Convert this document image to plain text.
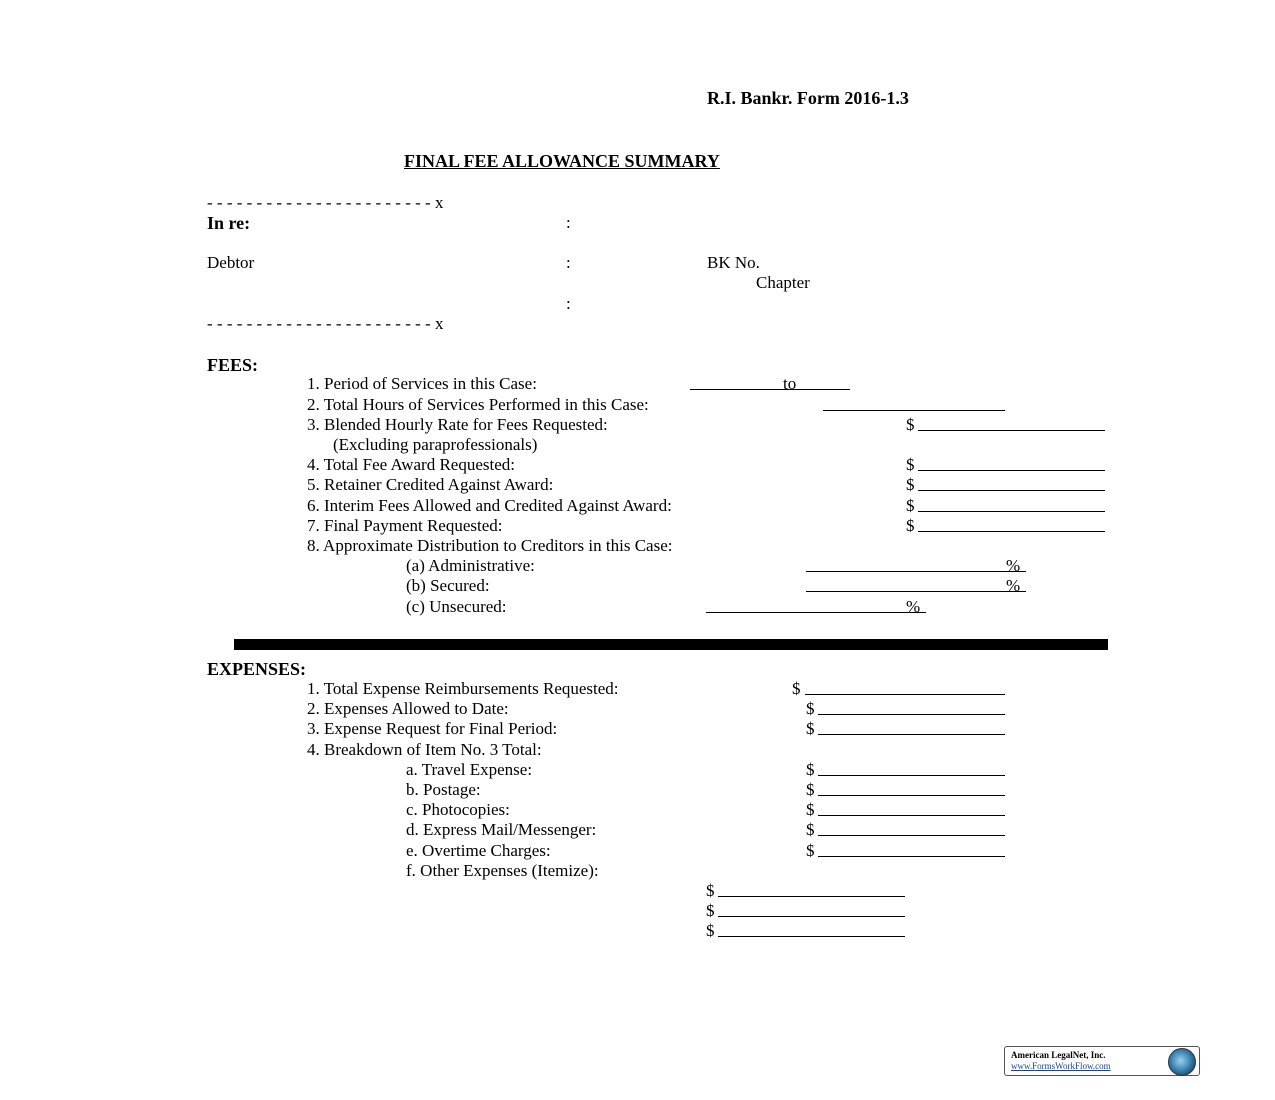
R.I. Bankr. Form 2016-1.3
FINAL FEE ALLOWANCE SUMMARY
- - - - - - - - - - - - - - - - - - - - - - - x
In re:	:
Debtor	:	BK No.
Chapter
:
- - - - - - - - - - - - - - - - - - - - - - - x
FEES:
1. Period of Services in this Case:	to
2. Total Hours of Services Performed in this Case:
3. Blended Hourly Rate for Fees Requested:	$
(Excluding paraprofessionals)
4. Total Fee Award Requested:	$
5. Retainer Credited Against Award:	$
6. Interim Fees Allowed and Credited Against Award:	$
7. Final Payment Requested:	$
8. Approximate Distribution to Creditors in this Case:
(a) Administrative:	%
(b) Secured:	%
(c) Unsecured:	%
EXPENSES:
1. Total Expense Reimbursements Requested:	$
2. Expenses Allowed to Date:	$
3. Expense Request for Final Period:	$
4. Breakdown of Item No. 3 Total:
a. Travel Expense:	$
b. Postage:	$
c. Photocopies:	$
d. Express Mail/Messenger:	$
e. Overtime Charges:	$
f. Other Expenses (Itemize):
$
$
$
American LegalNet, Inc.
www.FormsWorkFlow.com
